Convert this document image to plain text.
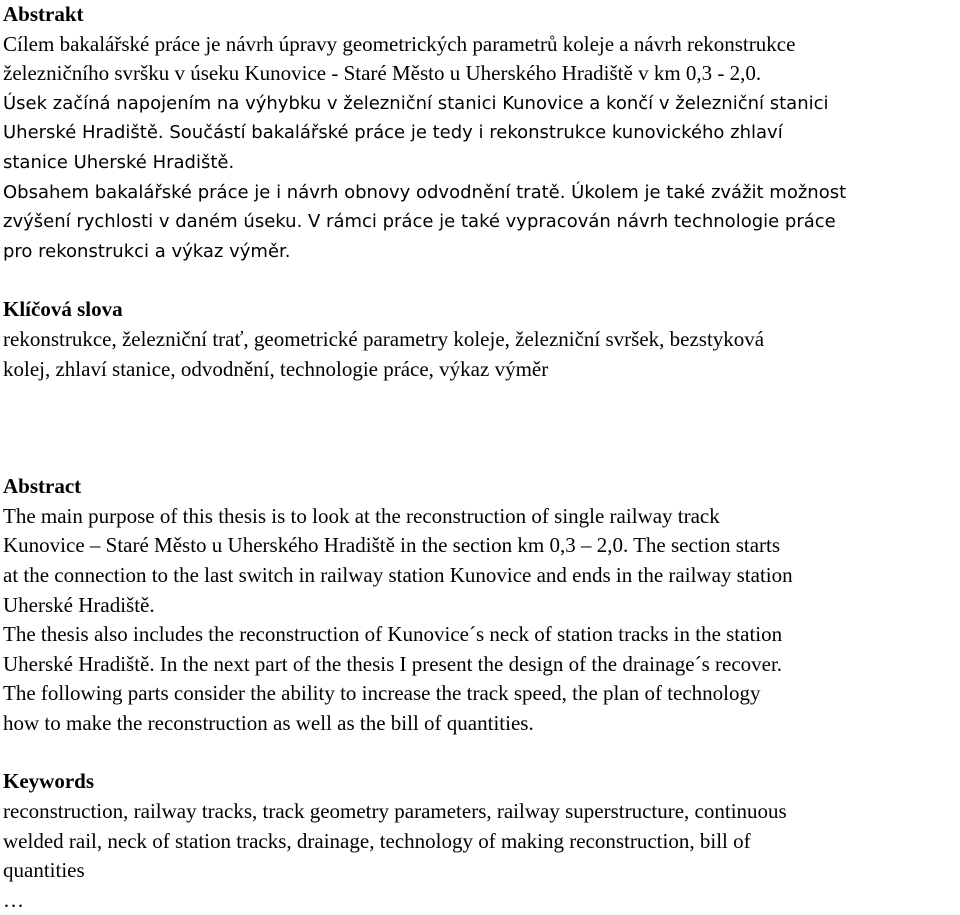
Abstrakt

Cílem bakalářské práce je návrh úpravy geometrických parametrů koleje a návrh rekonstrukce

železničního svršku v úseku Kunovice - Staré Město u Uherského Hradiště v km 0,3 - 2,0.

Úsek začíná napojením na výhybku v železniční stanici Kunovice a končí v železniční stanici

Uherské Hradiště. Součástí bakalářské práce je tedy i rekonstrukce kunovického zhlaví

stanice Uherské Hradiště.

Obsahem bakalářské práce je i návrh obnovy odvodnění tratě. Úkolem je také zvážit možnost

zvýšení rychlosti v daném úseku. V rámci práce je také vypracován návrh technologie práce

pro rekonstrukci a výkaz výměr.

Klíčová slova

rekonstrukce, železniční trať, geometrické parametry koleje, železniční svršek, bezstyková

kolej, zhlaví stanice, odvodnění, technologie práce, výkaz výměr

Abstract

The main purpose of this thesis is to look at the reconstruction of single railway track

Kunovice – Staré Město u Uherského Hradiště in the section km 0,3 – 2,0. The section starts

at the connection to the last switch in railway station Kunovice and ends in the railway station

Uherské Hradiště.

The thesis also includes the reconstruction of Kunovice´s neck of station tracks in the station

Uherské Hradiště. In the next part of the thesis I present the design of the drainage´s recover.

The following parts consider the ability to increase the track speed, the plan of technology

how to make the reconstruction as well as the bill of quantities.

Keywords

reconstruction, railway tracks, track geometry parameters, railway superstructure, continuous

welded rail, neck of station tracks, drainage, technology of making reconstruction, bill of

quantities

…
